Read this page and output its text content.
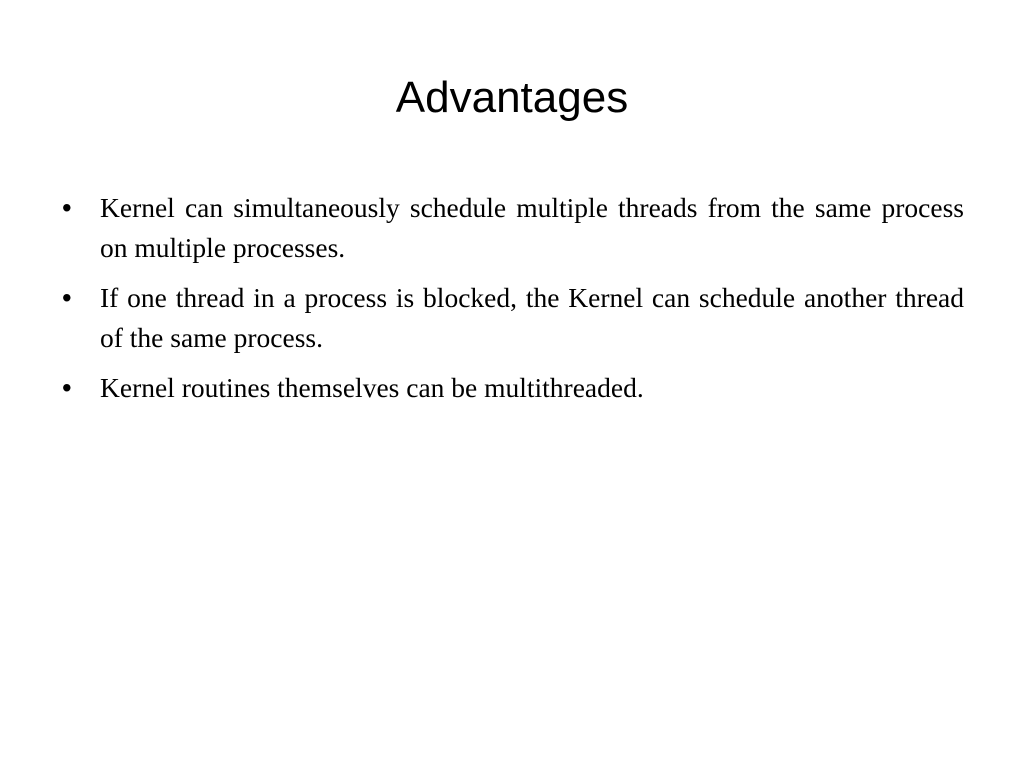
Advantages
•	Kernel can simultaneously schedule multiple threads from the same process on multiple processes.
•	If one thread in a process is blocked, the Kernel can schedule another thread of the same process.
•	Kernel routines themselves can be multithreaded.
